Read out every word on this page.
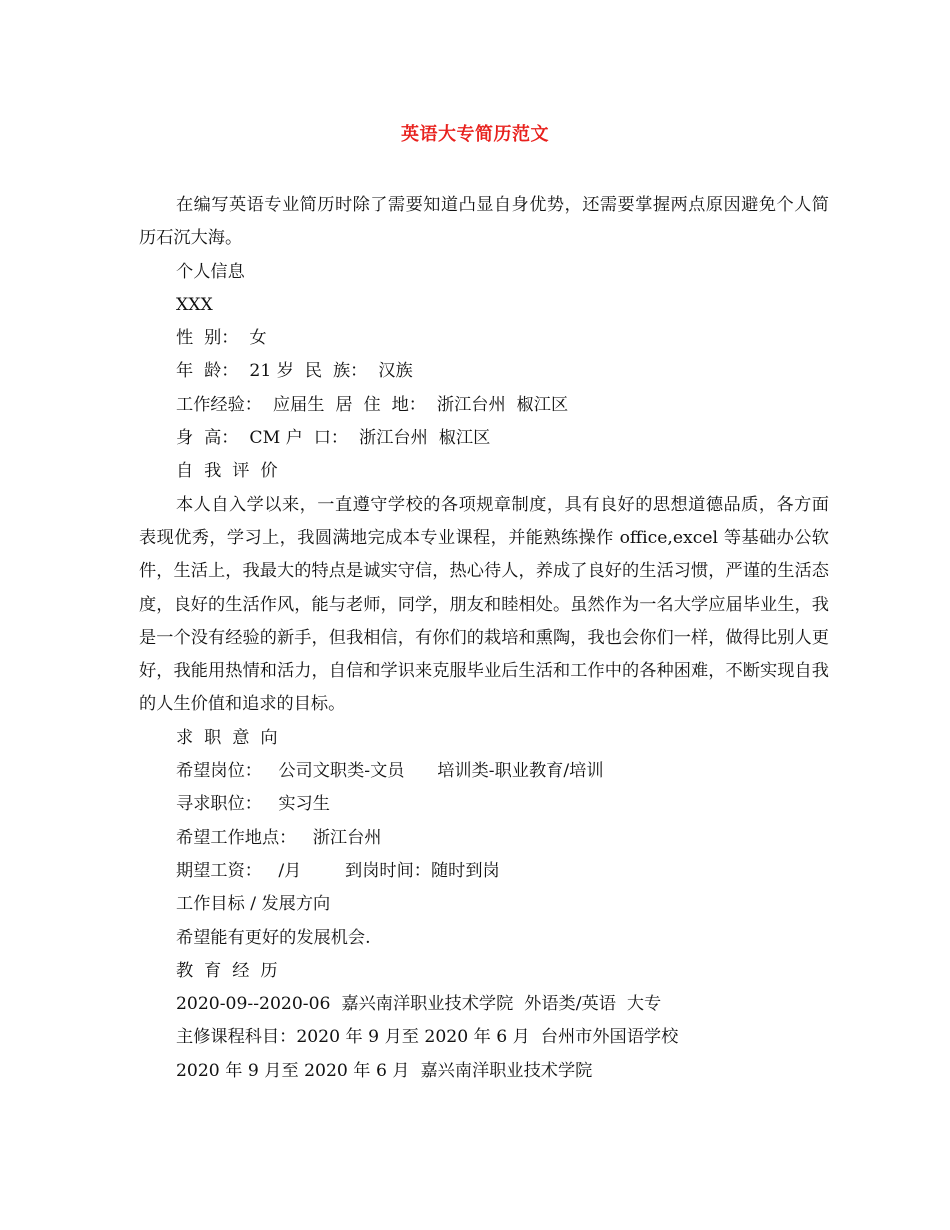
英语大专简历范文

在编写英语专业简历时除了需要知道凸显自身优势，还需要掌握两点原因避免个人简历石沉大海。

个人信息

XXX

性  别：  女

年  龄：  21 岁  民  族：  汉族

工作经验：  应届生  居  住  地：  浙江台州  椒江区

身  高：  CM 户  口：  浙江台州  椒江区

自  我  评  价

本人自入学以来，一直遵守学校的各项规章制度，具有良好的思想道德品质，各方面表现优秀，学习上，我圆满地完成本专业课程，并能熟练操作 office,excel 等基础办公软件，生活上，我最大的特点是诚实守信，热心待人，养成了良好的生活习惯，严谨的生活态度，良好的生活作风，能与老师，同学，朋友和睦相处。虽然作为一名大学应届毕业生，我是一个没有经验的新手，但我相信，有你们的栽培和熏陶，我也会你们一样，做得比别人更好，我能用热情和活力，自信和学识来克服毕业后生活和工作中的各种困难，不断实现自我的人生价值和追求的目标。

求  职  意  向

希望岗位：   公司文职类-文员      培训类-职业教育/培训

寻求职位：   实习生

希望工作地点：   浙江台州

期望工资：   /月        到岗时间：随时到岗

工作目标 / 发展方向

希望能有更好的发展机会.

教  育  经  历

2020-09--2020-06  嘉兴南洋职业技术学院  外语类/英语  大专

主修课程科目：2020 年 9 月至 2020 年 6 月  台州市外国语学校

2020 年 9 月至 2020 年 6 月  嘉兴南洋职业技术学院
